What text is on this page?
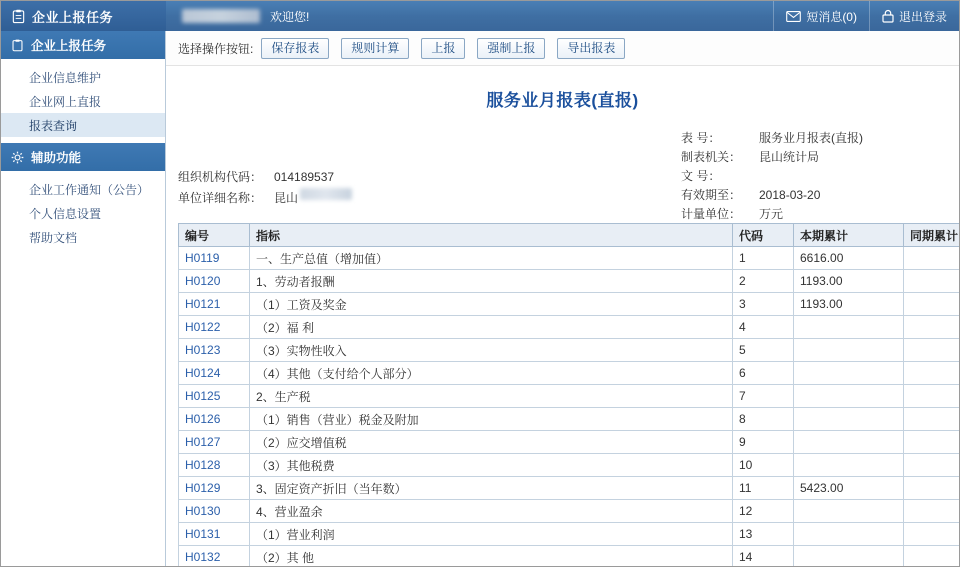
企业上报任务	欢迎您!	短消息(0)	退出登录
企业上报任务
企业信息维护
企业网上直报
报表查询
辅助功能
企业工作通知（公告）
个人信息设置
帮助文档
选择操作按钮:	保存报表	规则计算	上报	强制上报	导出报表
服务业月报表(直报)
表 号：	服务业月报表(直报)
制表机关：	昆山统计局
文 号：
有效期至：	2018-03-20
计量单位：	万元
组织机构代码： 014189537
单位详细名称： 昆山
编号	指标	代码	本期累计	同期累计
H0119	一、生产总值（增加值）	1	6616.00	
H0120	1、劳动者报酬	2	1193.00	
H0121	（1）工资及奖金	3	1193.00	
H0122	（2）福 利	4		
H0123	（3）实物性收入	5		
H0124	（4）其他（支付给个人部分）	6		
H0125	2、生产税	7		
H0126	（1）销售（营业）税金及附加	8		
H0127	（2）应交增值税	9		
H0128	（3）其他税费	10		
H0129	3、固定资产折旧（当年数）	11	5423.00	
H0130	4、营业盈余	12		
H0131	（1）营业利润	13		
H0132	（2）其 他	14		
